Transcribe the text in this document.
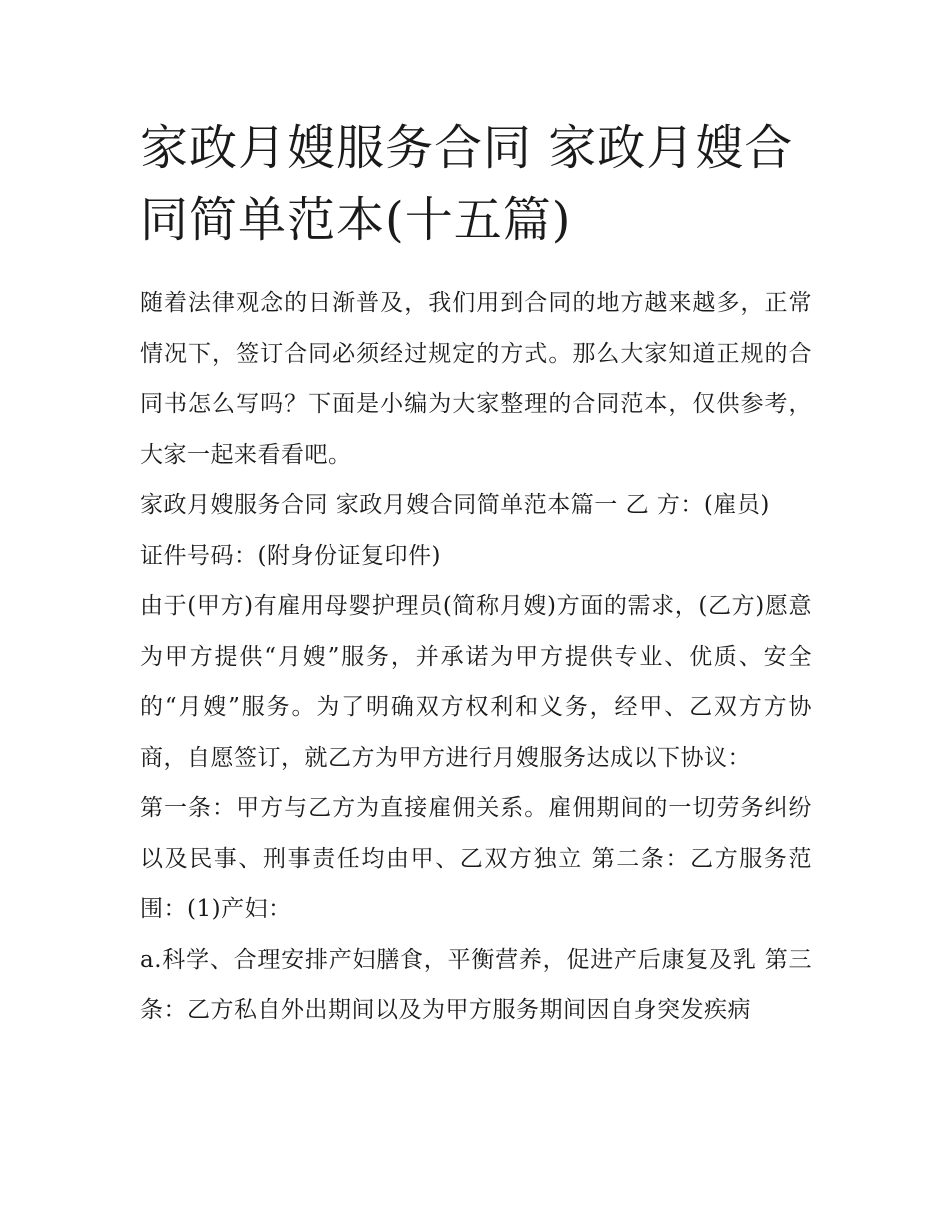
家政月嫂服务合同 家政月嫂合
同简单范本(十五篇)

随着法律观念的日渐普及，我们用到合同的地方越来越多，正常情况下，签订合同必须经过规定的方式。那么大家知道正规的合同书怎么写吗？下面是小编为大家整理的合同范本，仅供参考，大家一起来看看吧。

家政月嫂服务合同 家政月嫂合同简单范本篇一 乙 方：(雇员)

证件号码：(附身份证复印件)

由于(甲方)有雇用母婴护理员(简称月嫂)方面的需求，(乙方)愿意为甲方提供“月嫂”服务，并承诺为甲方提供专业、优质、安全的“月嫂”服务。为了明确双方权利和义务，经甲、乙双方方协商，自愿签订，就乙方为甲方进行月嫂服务达成以下协议：

第一条：甲方与乙方为直接雇佣关系。雇佣期间的一切劳务纠纷以及民事、刑事责任均由甲、乙双方独立 第二条：乙方服务范围：(1)产妇：

a.科学、合理安排产妇膳食，平衡营养，促进产后康复及乳 第三条：乙方私自外出期间以及为甲方服务期间因自身突发疾病
